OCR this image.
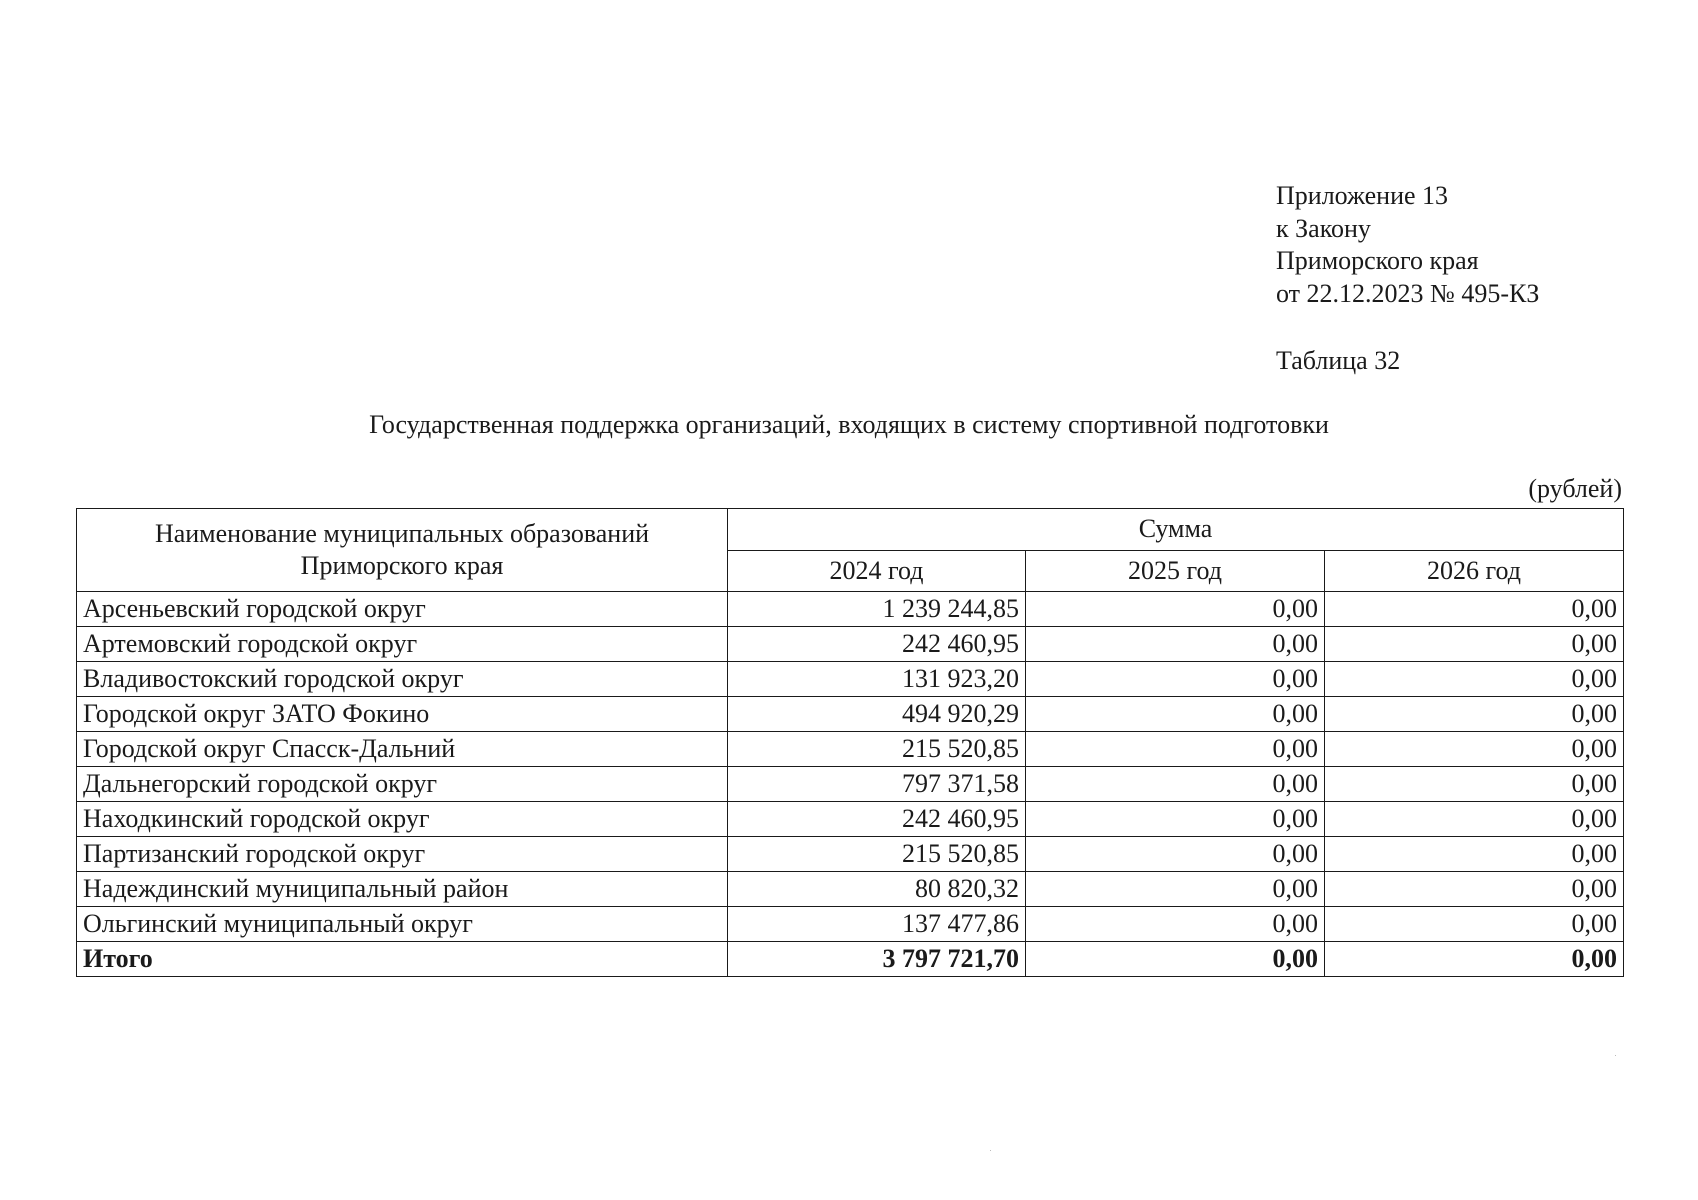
Приложение 13
к Закону
Приморского края
от 22.12.2023 № 495-КЗ
Таблица 32
Государственная поддержка организаций, входящих в систему спортивной подготовки
(рублей)
Наименование муниципальных образований Приморского края	Сумма		
	2024 год	2025 год	2026 год
Арсеньевский городской округ	1 239 244,85	0,00	0,00
Артемовский городской округ	242 460,95	0,00	0,00
Владивостокский городской округ	131 923,20	0,00	0,00
Городской округ ЗАТО Фокино	494 920,29	0,00	0,00
Городской округ Спасск-Дальний	215 520,85	0,00	0,00
Дальнегорский городской округ	797 371,58	0,00	0,00
Находкинский городской округ	242 460,95	0,00	0,00
Партизанский городской округ	215 520,85	0,00	0,00
Надеждинский муниципальный район	80 820,32	0,00	0,00
Ольгинский муниципальный округ	137 477,86	0,00	0,00
Итого	3 797 721,70	0,00	0,00
